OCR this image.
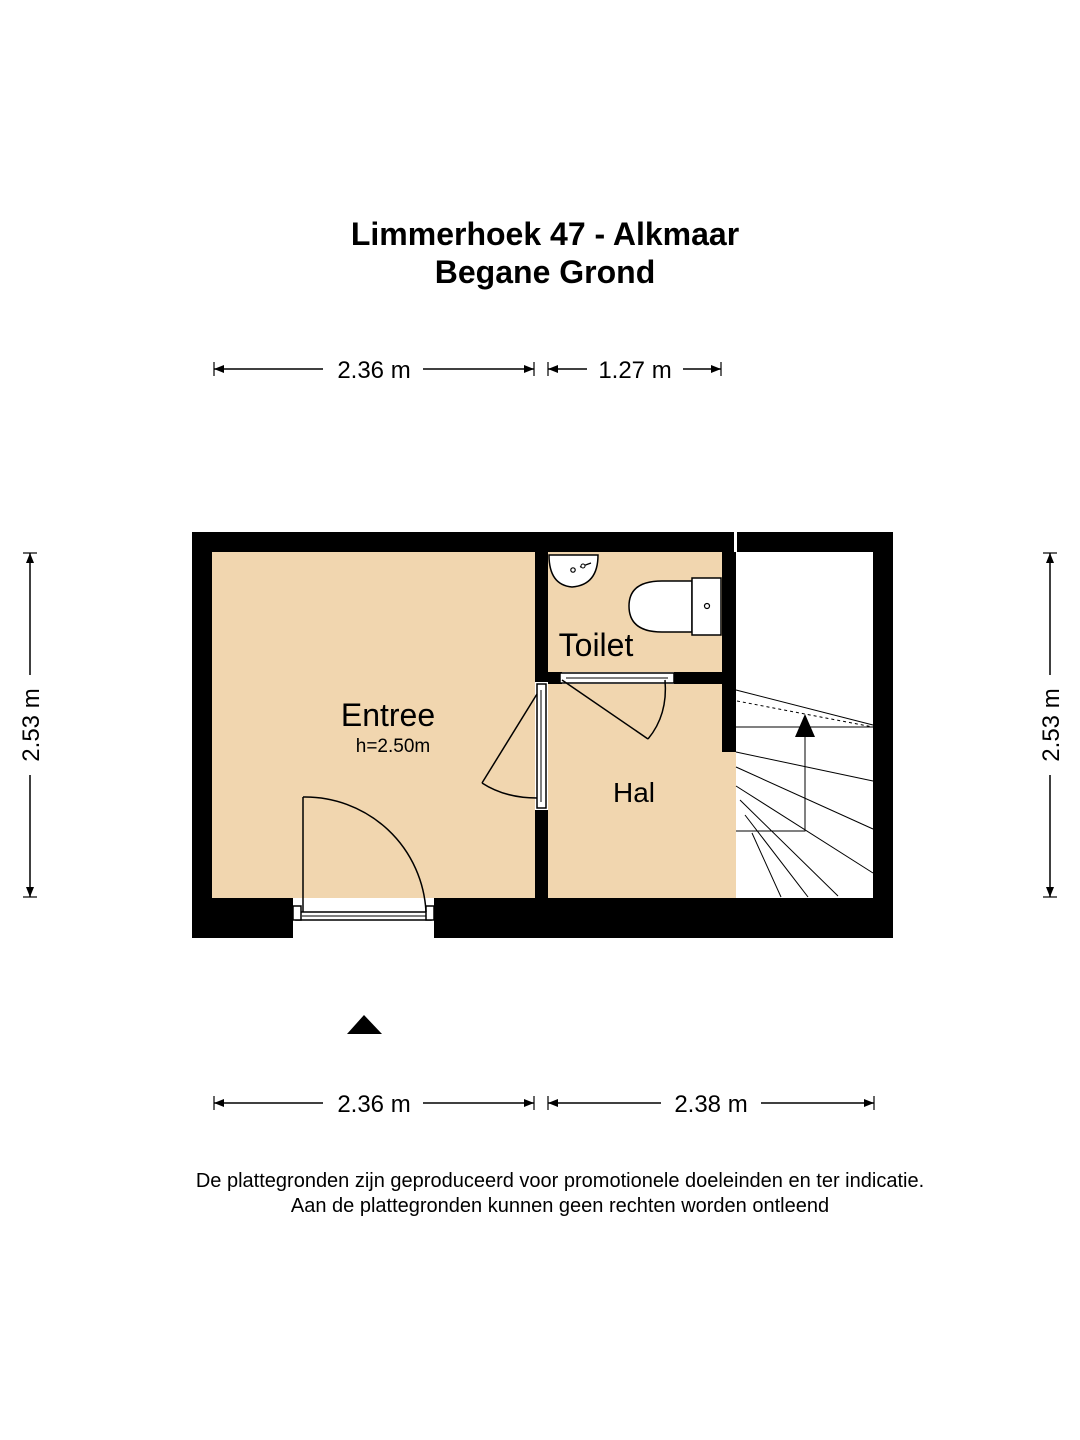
Limmerhoek 47 - Alkmaar
Begane Grond
Entree
h=2.50m
Toilet
Hal
2.36 m	1.27 m
2.36 m	2.38 m
2.53 m	2.53 m
De plattegronden zijn geproduceerd voor promotionele doeleinden en ter indicatie.
Aan de plattegronden kunnen geen rechten worden ontleend
